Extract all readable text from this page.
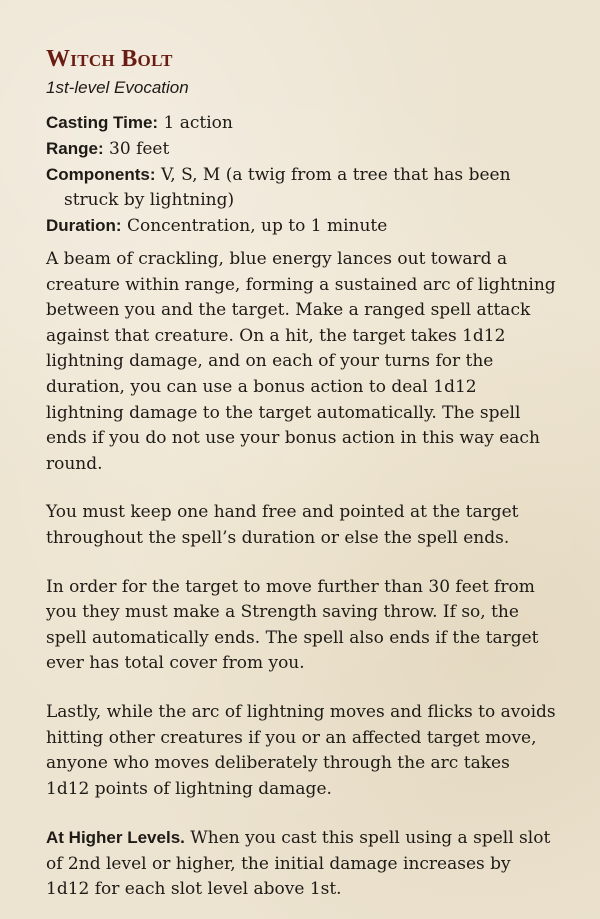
Witch Bolt
1st-level Evocation

Casting Time: 1 action

Range: 30 feet

Components: V, S, M (a twig from a tree that has been struck by lightning)

Duration: Concentration, up to 1 minute

A beam of crackling, blue energy lances out toward a creature within range, forming a sustained arc of lightning between you and the target. Make a ranged spell attack against that creature. On a hit, the target takes 1d12 lightning damage, and on each of your turns for the duration, you can use a bonus action to deal 1d12 lightning damage to the target automatically. The spell ends if you do not use your bonus action in this way each round.

You must keep one hand free and pointed at the target throughout the spell’s duration or else the spell ends.

In order for the target to move further than 30 feet from you they must make a Strength saving throw. If so, the spell automatically ends. The spell also ends if the target ever has total cover from you.

Lastly, while the arc of lightning moves and flicks to avoids hitting other creatures if you or an affected target move, anyone who moves deliberately through the arc takes 1d12 points of lightning damage.

At Higher Levels. When you cast this spell using a spell slot of 2nd level or higher, the initial damage increases by 1d12 for each slot level above 1st.
